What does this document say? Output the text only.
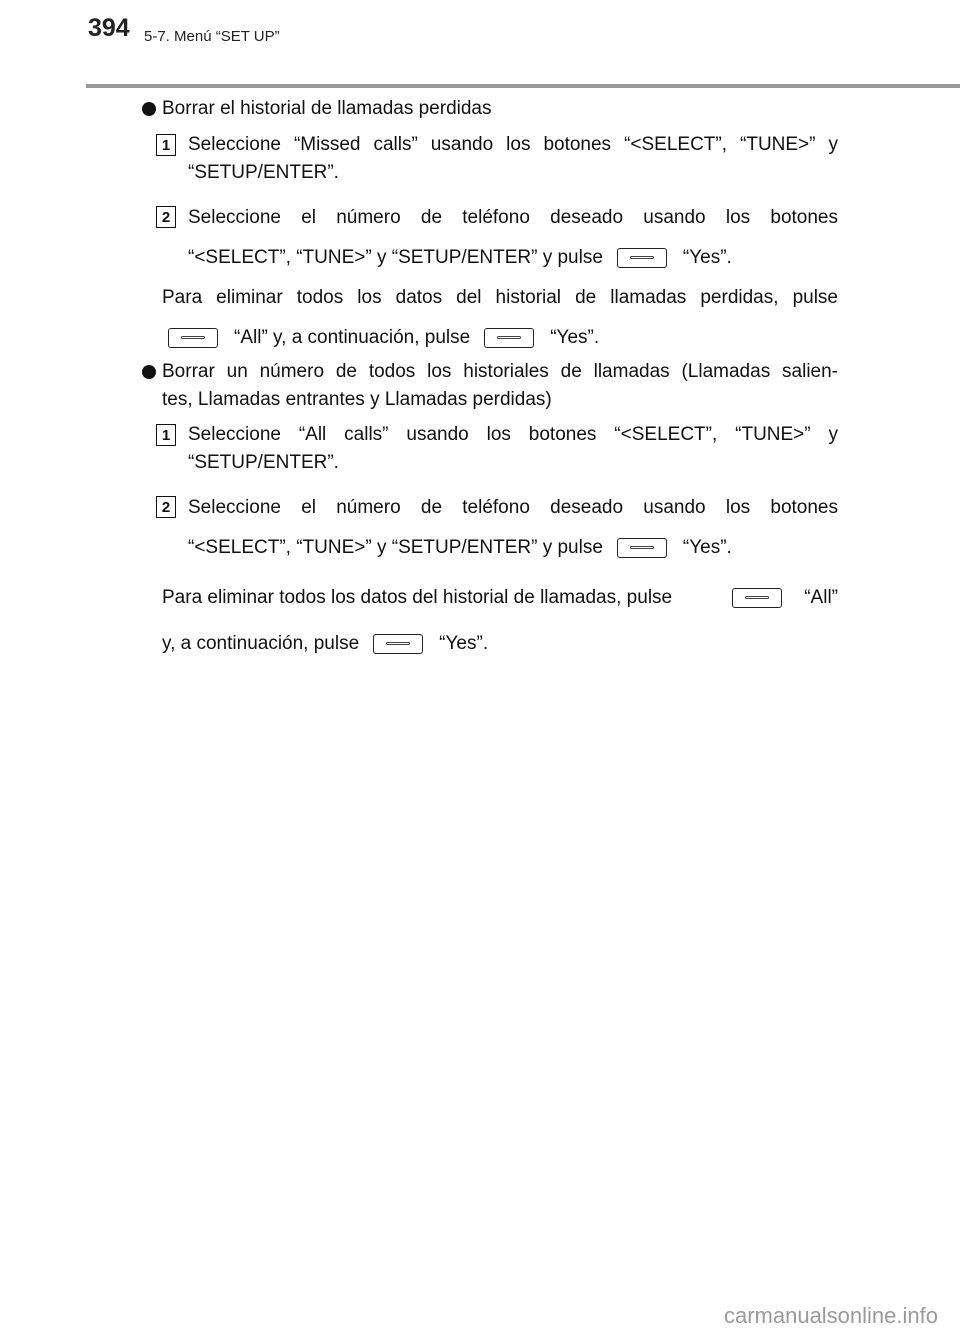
394 5-7. Menú “SET UP”
Borrar el historial de llamadas perdidas
1 Seleccione “Missed calls” usando los botones “<SELECT”, “TUNE>” y
“SETUP/ENTER”.
2 Seleccione el número de teléfono deseado usando los botones
“<SELECT”, “TUNE>” y “SETUP/ENTER” y pulse	“Yes”.
Para eliminar todos los datos del historial de llamadas perdidas, pulse
“All” y, a continuación, pulse	“Yes”.
Borrar un número de todos los historiales de llamadas (Llamadas salien-
tes, Llamadas entrantes y Llamadas perdidas)
1 Seleccione “All calls” usando los botones “<SELECT”, “TUNE>” y
“SETUP/ENTER”.
2 Seleccione el número de teléfono deseado usando los botones
“<SELECT”, “TUNE>” y “SETUP/ENTER” y pulse	“Yes”.
Para eliminar todos los datos del historial de llamadas, pulse	“All”
y, a continuación, pulse	“Yes”.
carmanualsonline.info
